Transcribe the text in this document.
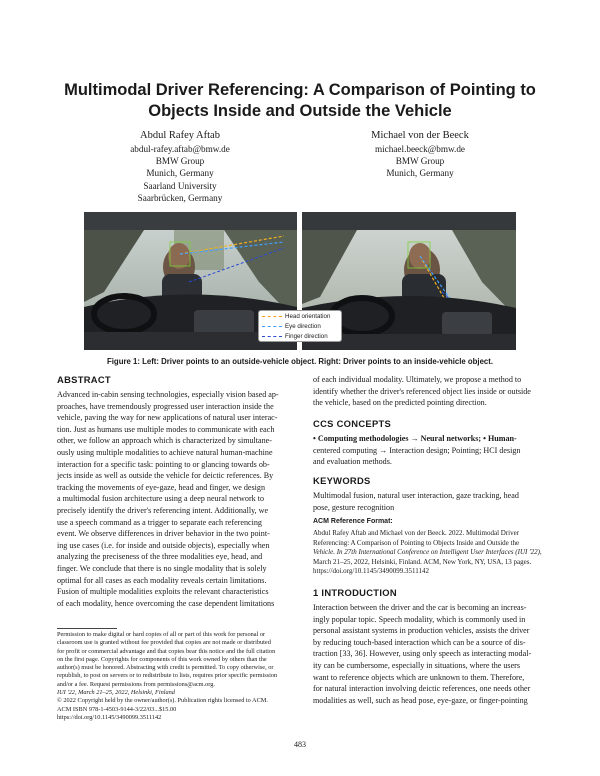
Multimodal Driver Referencing: A Comparison of Pointing to
Objects Inside and Outside the Vehicle
Abdul Rafey Aftab
abdul-rafey.aftab@bmw.de
BMW Group
Munich, Germany
Saarland University
Saarbrücken, Germany
Michael von der Beeck
michael.beeck@bmw.de
BMW Group
Munich, Germany
Head orientation
Eye direction
Finger direction
Figure 1: Left: Driver points to an outside-vehicle object. Right: Driver points to an inside-vehicle object.
ABSTRACT
Advanced in-cabin sensing technologies, especially vision based ap-
proaches, have tremendously progressed user interaction inside the
vehicle, paving the way for new applications of natural user interac-
tion. Just as humans use multiple modes to communicate with each
other, we follow an approach which is characterized by simultane-
ously using multiple modalities to achieve natural human-machine
interaction for a specific task: pointing to or glancing towards ob-
jects inside as well as outside the vehicle for deictic references. By
tracking the movements of eye-gaze, head and finger, we design
a multimodal fusion architecture using a deep neural network to
precisely identify the driver's referencing intent. Additionally, we
use a speech command as a trigger to separate each referencing
event. We observe differences in driver behavior in the two point-
ing use cases (i.e. for inside and outside objects), especially when
analyzing the preciseness of the three modalities eye, head, and
finger. We conclude that there is no single modality that is solely
optimal for all cases as each modality reveals certain limitations.
Fusion of multiple modalities exploits the relevant characteristics
of each modality, hence overcoming the case dependent limitations
Permission to make digital or hard copies of all or part of this work for personal or
classroom use is granted without fee provided that copies are not made or distributed
for profit or commercial advantage and that copies bear this notice and the full citation
on the first page. Copyrights for components of this work owned by others than the
author(s) must be honored. Abstracting with credit is permitted. To copy otherwise, or
republish, to post on servers or to redistribute to lists, requires prior specific permission
and/or a fee. Request permissions from permissions@acm.org.
IUI '22, March 21–25, 2022, Helsinki, Finland
© 2022 Copyright held by the owner/author(s). Publication rights licensed to ACM.
ACM ISBN 978-1-4503-9144-3/22/03...$15.00
https://doi.org/10.1145/3490099.3511142
of each individual modality. Ultimately, we propose a method to
identify whether the driver's referenced object lies inside or outside
the vehicle, based on the predicted pointing direction.
CCS CONCEPTS
• Computing methodologies → Neural networks; • Human-
centered computing → Interaction design; Pointing; HCI design
and evaluation methods.
KEYWORDS
Multimodal fusion, natural user interaction, gaze tracking, head
pose, gesture recognition
ACM Reference Format:
Abdul Rafey Aftab and Michael von der Beeck. 2022. Multimodal Driver
Referencing: A Comparison of Pointing to Objects Inside and Outside the
Vehicle. In 27th International Conference on Intelligent User Interfaces (IUI '22),
March 21–25, 2022, Helsinki, Finland. ACM, New York, NY, USA, 13 pages.
https://doi.org/10.1145/3490099.3511142
1 INTRODUCTION
Interaction between the driver and the car is becoming an increas-
ingly popular topic. Speech modality, which is commonly used in
personal assistant systems in production vehicles, assists the driver
by reducing touch-based interaction which can be a source of dis-
traction [33, 36]. However, using only speech as interacting modal-
ity can be cumbersome, especially in situations, where the users
want to reference objects which are unknown to them. Therefore,
for natural interaction involving deictic references, one needs other
modalities as well, such as head pose, eye-gaze, or finger-pointing
483
